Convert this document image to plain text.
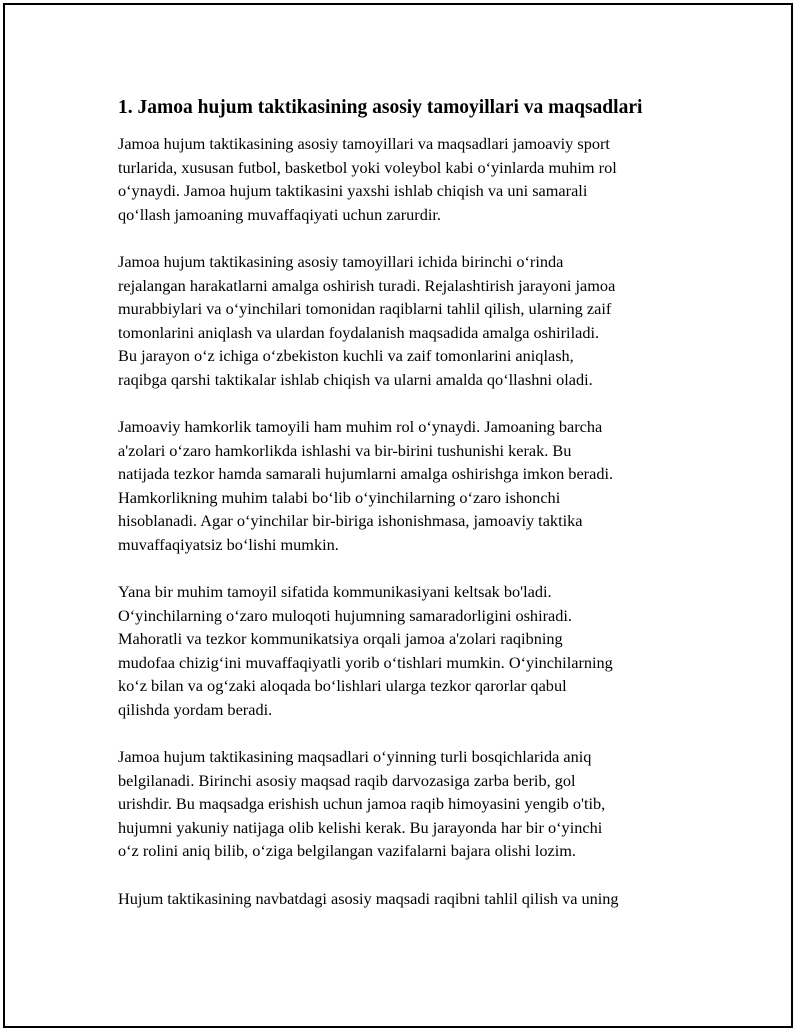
1. Jamoa hujum taktikasining asosiy tamoyillari va maqsadlari
Jamoa hujum taktikasining asosiy tamoyillari va maqsadlari jamoaviy sport
turlarida, xususan futbol, basketbol yoki voleybol kabi o‘yinlarda muhim rol
o‘ynaydi. Jamoa hujum taktikasini yaxshi ishlab chiqish va uni samarali
qo‘llash jamoaning muvaffaqiyati uchun zarurdir.
Jamoa hujum taktikasining asosiy tamoyillari ichida birinchi o‘rinda
rejalangan harakatlarni amalga oshirish turadi. Rejalashtirish jarayoni jamoa
murabbiylari va o‘yinchilari tomonidan raqiblarni tahlil qilish, ularning zaif
tomonlarini aniqlash va ulardan foydalanish maqsadida amalga oshiriladi.
Bu jarayon o‘z ichiga o‘zbekiston kuchli va zaif tomonlarini aniqlash,
raqibga qarshi taktikalar ishlab chiqish va ularni amalda qo‘llashni oladi.
Jamoaviy hamkorlik tamoyili ham muhim rol o‘ynaydi. Jamoaning barcha
a'zolari o‘zaro hamkorlikda ishlashi va bir-birini tushunishi kerak. Bu
natijada tezkor hamda samarali hujumlarni amalga oshirishga imkon beradi.
Hamkorlikning muhim talabi bo‘lib o‘yinchilarning o‘zaro ishonchi
hisoblanadi. Agar o‘yinchilar bir-biriga ishonishmasa, jamoaviy taktika
muvaffaqiyatsiz bo‘lishi mumkin.
Yana bir muhim tamoyil sifatida kommunikasiyani keltsak bo'ladi.
O‘yinchilarning o‘zaro muloqoti hujumning samaradorligini oshiradi.
Mahoratli va tezkor kommunikatsiya orqali jamoa a'zolari raqibning
mudofaa chizig‘ini muvaffaqiyatli yorib o‘tishlari mumkin. O‘yinchilarning
ko‘z bilan va og‘zaki aloqada bo‘lishlari ularga tezkor qarorlar qabul
qilishda yordam beradi.
Jamoa hujum taktikasining maqsadlari o‘yinning turli bosqichlarida aniq
belgilanadi. Birinchi asosiy maqsad raqib darvozasiga zarba berib, gol
urishdir. Bu maqsadga erishish uchun jamoa raqib himoyasini yengib o'tib,
hujumni yakuniy natijaga olib kelishi kerak. Bu jarayonda har bir o‘yinchi
o‘z rolini aniq bilib, o‘ziga belgilangan vazifalarni bajara olishi lozim.
Hujum taktikasining navbatdagi asosiy maqsadi raqibni tahlil qilish va uning
